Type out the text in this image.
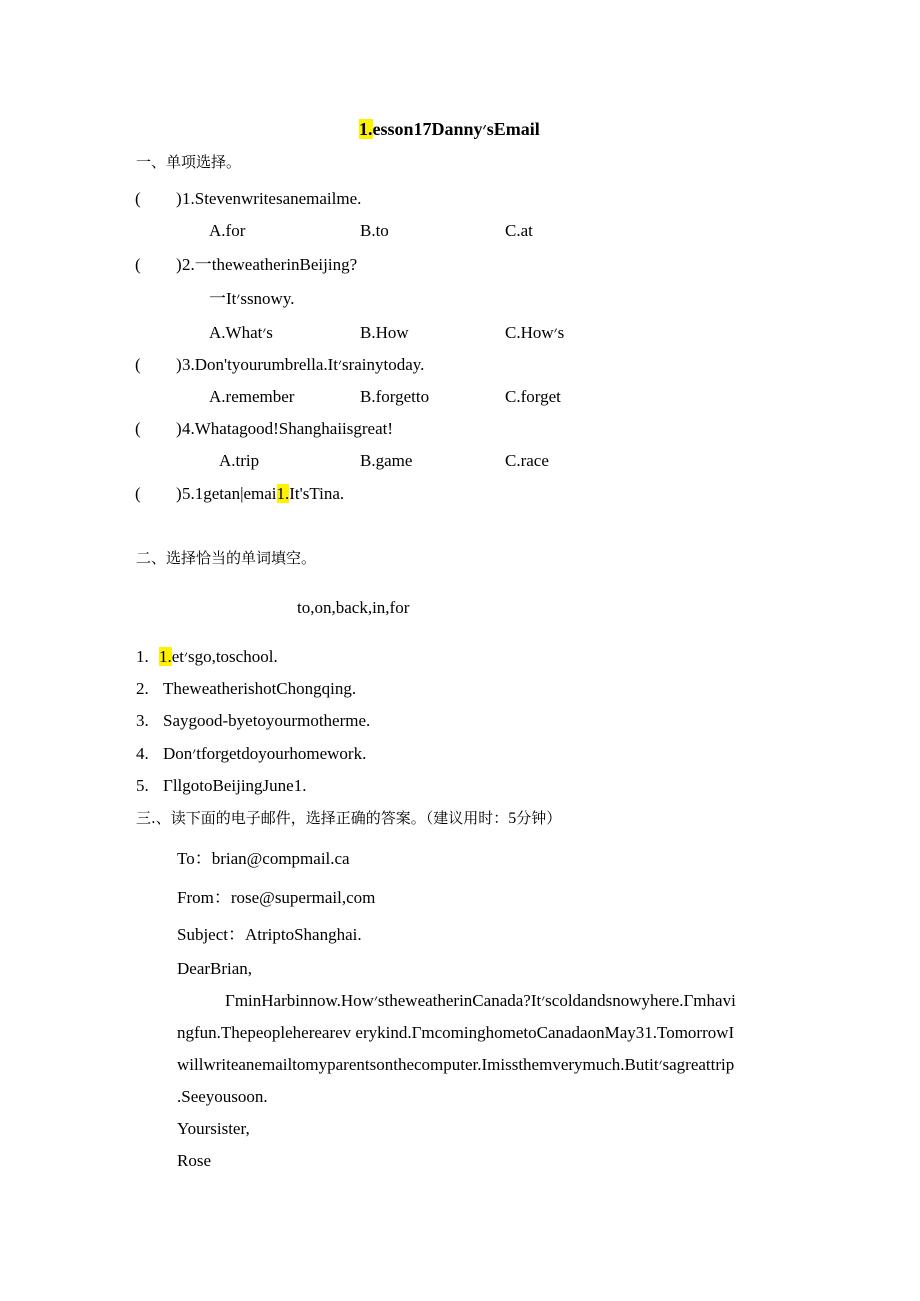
1.esson17Danny׳sEmail
一、单项选择。
( ) 1.Stevenwritesanemailme.
A.for	B.to	C.at
( ) 2.一theweatherinBeijing?
一It׳ssnowy.
A.What׳s	B.How	C.How׳s
( ) 3.Don'tyourumbrella.It׳srainytoday.
A.remember	B.forgetto	C.forget
( ) 4.Whatagood!Shanghaiisgreat!
A.trip	B.game	C.race
( ) 5.1getan|emai1.It'sTina.
二、选择恰当的单词填空。
to,on,back,in,for
1. 1.et׳sgo,toschool.
2. TheweatherishotChongqing.
3. Saygood-byetoyourmotherme.
4. Don׳tforgetdoyourhomework.
5. ΓllgotoBeijingJune1.
三.、读下面的电子邮件，选择正确的答案。（建议用时：5分钟）
To：brian@compmail.ca
From：rose@supermail,com
Subject：AtriptoShanghai.
DearBrian,
ΓminHarbinnow.How׳stheweatherinCanada?It׳scoldandsnowyhere.Γmhavi
ngfun.Thepeopleherearev erykind.ΓmcominghometoCanadaonMay31.TomorrowI
willwriteanemailtomyparentsonthecomputer.Imissthemverymuch.Butit׳sagreattrip
.Seeyousoon.
Yoursister,
Rose
